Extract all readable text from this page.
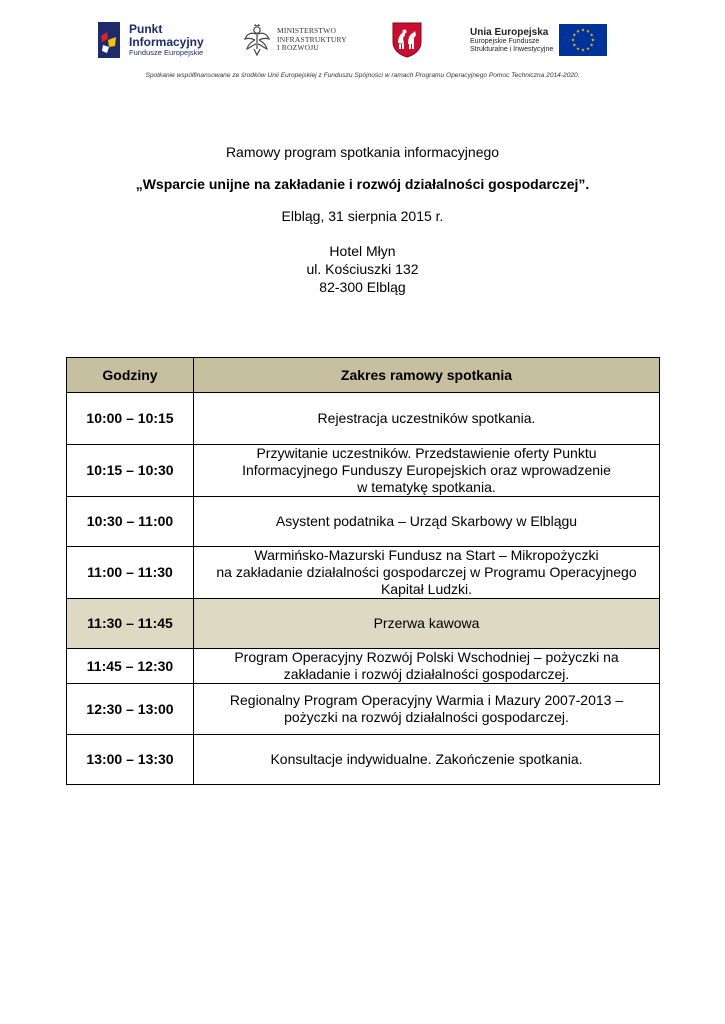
Punkt
Informacyjny
Fundusze Europejskie
MINISTERSTWO
INFRASTRUKTURY
I ROZWOJU
Unia Europejska
Europejskie Fundusze
Strukturalne i Inwestycyjne
Spotkanie współfinansowane ze środków Unii Europejskiej z Funduszu Spójności w ramach Programu Operacyjnego Pomoc Techniczna 2014-2020.
Ramowy program spotkania informacyjnego
„Wsparcie unijne na zakładanie i rozwój działalności gospodarczej”.
Elbląg, 31 sierpnia 2015 r.
Hotel Młyn
ul. Kościuszki 132
82-300 Elbląg
Godziny	Zakres ramowy spotkania
10:00 – 10:15	Rejestracja uczestników spotkania.

10:15 – 10:30	Przywitanie uczestników. Przedstawienie oferty Punktu
Informacyjnego Funduszy Europejskich oraz wprowadzenie
w tematykę spotkania.

10:30 – 11:00	Asystent podatnika – Urząd Skarbowy w Elblągu

11:00 – 11:30	Warmińsko-Mazurski Fundusz na Start – Mikropożyczki
na zakładanie działalności gospodarczej w Programu Operacyjnego
Kapitał Ludzki.

11:30 – 11:45	Przerwa kawowa

11:45 – 12:30	Program Operacyjny Rozwój Polski Wschodniej – pożyczki na
zakładanie i rozwój działalności gospodarczej.

12:30 – 13:00	Regionalny Program Operacyjny Warmia i Mazury 2007-2013 –
pożyczki na rozwój działalności gospodarczej.

13:00 – 13:30	Konsultacje indywidualne. Zakończenie spotkania.
